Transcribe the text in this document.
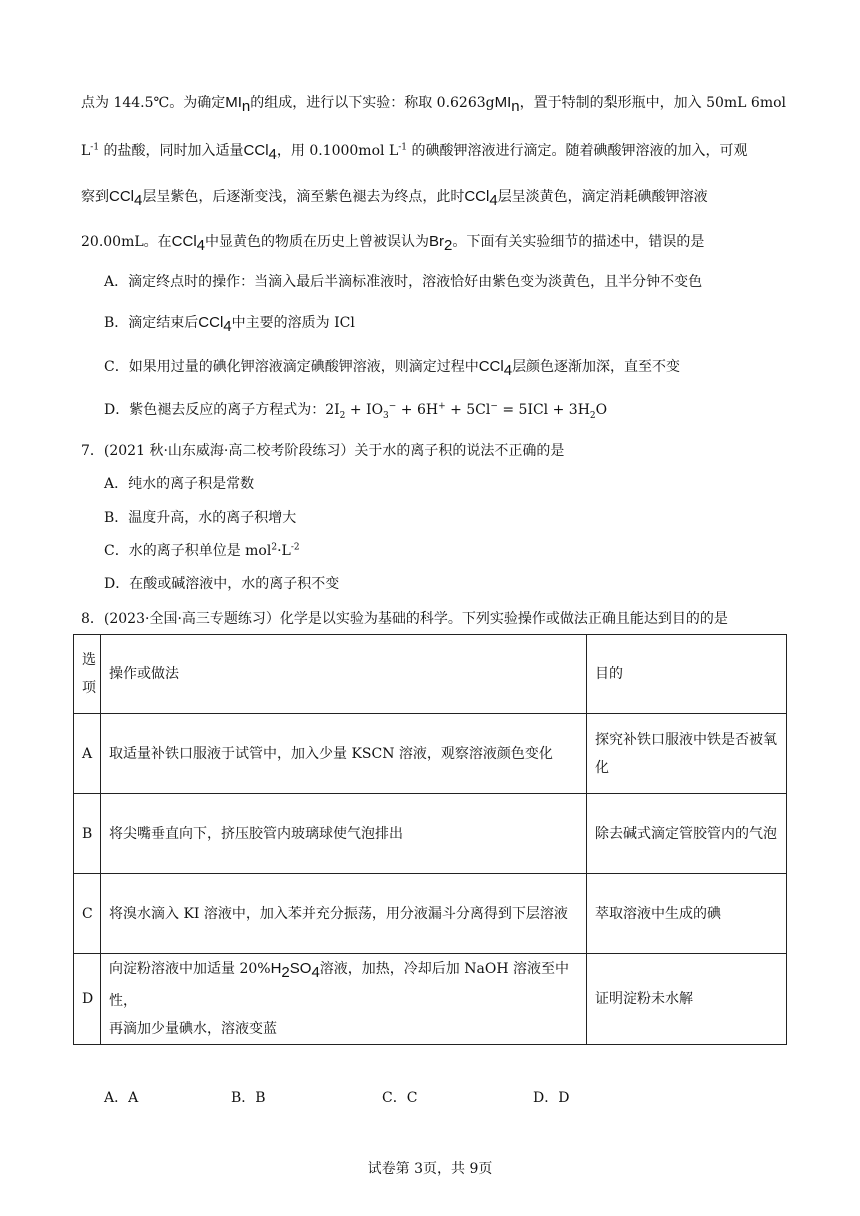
点为 144.5℃。为确定$MI_n$的组成，进行以下实验：称取 0.6263gMI$_n$，置于特制的梨形瓶中，加入 50mL 6mol
$L^{-1}$ 的盐酸，同时加入适量CCl$_4$，用 0.1000mol $L^{-1}$ 的碘酸钾溶液进行滴定。随着碘酸钾溶液的加入，可观
察到CCl$_4$层呈紫色，后逐渐变浅，滴至紫色褪去为终点，此时CCl$_4$层呈淡黄色，滴定消耗碘酸钾溶液
20.00mL。在CCl$_4$中显黄色的物质在历史上曾被误认为$Br_2$。下面有关实验细节的描述中，错误的是
A．滴定终点时的操作：当滴入最后半滴标准液时，溶液恰好由紫色变为淡黄色，且半分钟不变色
B．滴定结束后CCl$_4$中主要的溶质为 ICl
C．如果用过量的碘化钾溶液滴定碘酸钾溶液，则滴定过程中CCl$_4$层颜色逐渐加深，直至不变
D．紫色褪去反应的离子方程式为：$2I_2 + IO_3^- + 6H^+ + 5Cl^- = 5ICl + 3H_2O$
7．(2021 秋·山东威海·高二校考阶段练习）关于水的离子积的说法不正确的是
A．纯水的离子积是常数
B．温度升高，水的离子积增大
C．水的离子积单位是 $mol^2\cdot L^{-2}$
D．在酸或碱溶液中，水的离子积不变
8．(2023·全国·高三专题练习）化学是以实验为基础的科学。下列实验操作或做法正确且能达到目的的是
选项	操作或做法	目的
A	取适量补铁口服液于试管中，加入少量 KSCN 溶液，观察溶液颜色变化	探究补铁口服液中铁是否被氧化
B	将尖嘴垂直向下，挤压胶管内玻璃球使气泡排出	除去碱式滴定管胶管内的气泡
C	将溴水滴入 KI 溶液中，加入苯并充分振荡，用分液漏斗分离得到下层溶液	萃取溶液中生成的碘
D	向淀粉溶液中加适量 $20\%H_2SO_4$溶液，加热，冷却后加 NaOH 溶液至中性，
再滴加少量碘水，溶液变蓝	证明淀粉未水解
A．A	B．B	C．C	D．D
试卷第 3页，共 9页
